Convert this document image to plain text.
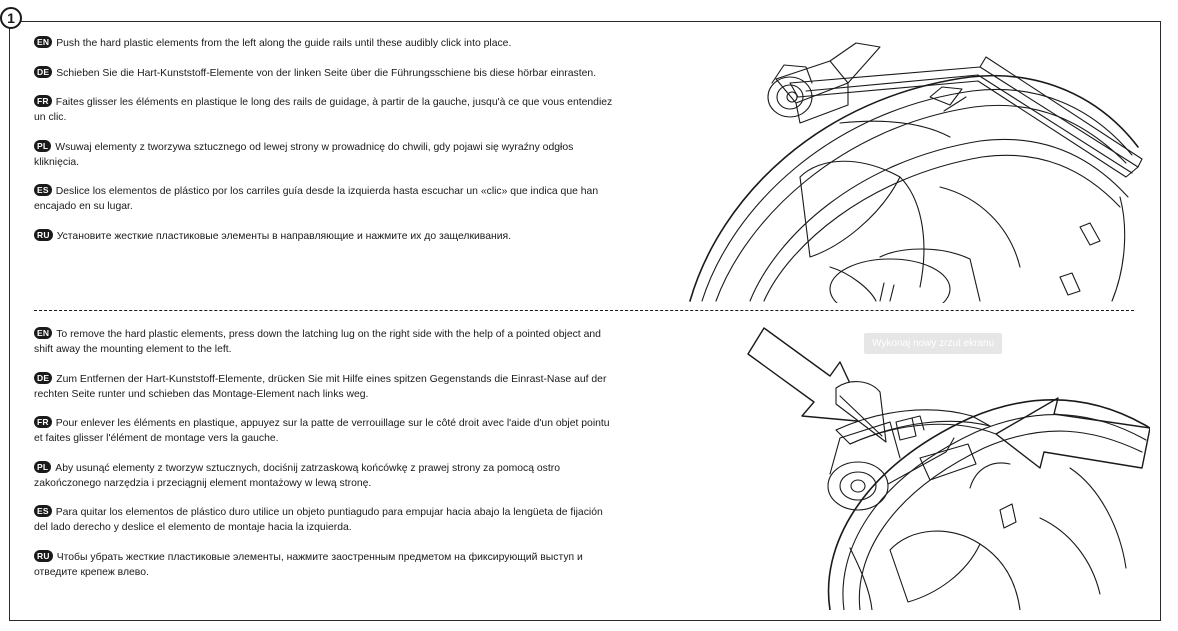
1

EN Push the hard plastic elements from the left along the guide rails until these audibly click into place.

DE Schieben Sie die Hart-Kunststoff-Elemente von der linken Seite über die Führungsschiene bis diese hörbar einrasten.

FR Faites glisser les éléments en plastique le long des rails de guidage, à partir de la gauche, jusqu'à ce que vous entendiez un clic.

PL Wsuwaj elementy z tworzywa sztucznego od lewej strony w prowadnicę do chwili, gdy pojawi się wyraźny odgłos kliknięcia.

ES Deslice los elementos de plástico por los carriles guía desde la izquierda hasta escuchar un «clic» que indica que han encajado en su lugar.

RU Установите жесткие пластиковые элементы в направляющие и нажмите их до защелкивания.

EN To remove the hard plastic elements, press down the latching lug on the right side with the help of a pointed object and shift away the mounting element to the left.

DE Zum Entfernen der Hart-Kunststoff-Elemente, drücken Sie mit Hilfe eines spitzen Gegenstands die Einrast-Nase auf der rechten Seite runter und schieben das Montage-Element nach links weg.

FR Pour enlever les éléments en plastique, appuyez sur la patte de verrouillage sur le côté droit avec l'aide d'un objet pointu et faites glisser l'élément de montage vers la gauche.

PL Aby usunąć elementy z tworzyw sztucznych, dociśnij zatrzaskową końcówkę z prawej strony za pomocą ostro zakończonego narzędzia i przeciągnij element montażowy w lewą stronę.

ES Para quitar los elementos de plástico duro utilice un objeto puntiagudo para empujar hacia abajo la lengüeta de fijación del lado derecho y deslice el elemento de montaje hacia la izquierda.

RU Чтобы убрать жесткие пластиковые элементы, нажмите заостренным предметом на фиксирующий выступ и отведите крепеж влево.

Wykonaj nowy zrzut ekranu
